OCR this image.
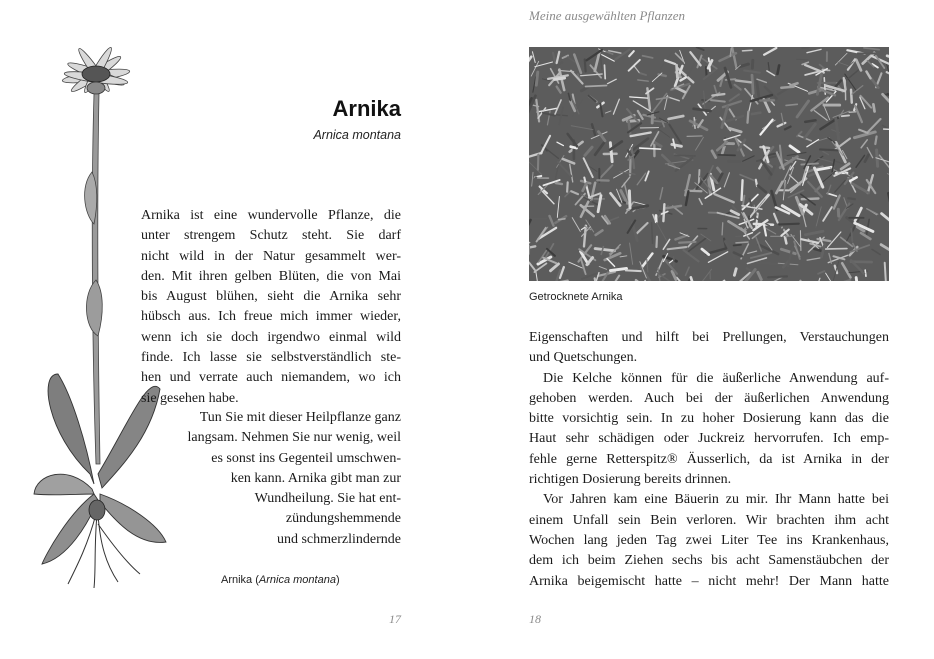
Arnika
Arnica montana
Arnika ist eine wundervolle Pflanze, die
unter strengem Schutz steht. Sie darf
nicht wild in der Natur gesammelt wer-
den. Mit ihren gelben Blüten, die von Mai
bis August blühen, sieht die Arnika sehr
hübsch aus. Ich freue mich immer wieder,
wenn ich sie doch irgendwo einmal wild
finde. Ich lasse sie selbstverständlich ste-
hen und verrate auch niemandem, wo ich
sie gesehen habe.
Tun Sie mit dieser Heilpflanze ganz
langsam. Nehmen Sie nur wenig, weil
es sonst ins Gegenteil umschwen-
ken kann. Arnika gibt man zur
Wundheilung. Sie hat ent-
zündungshemmende
und schmerzlindernde
Arnika (Arnica montana)
17
Meine ausgewählten Pflanzen
Getrocknete Arnika
Eigenschaften und hilft bei Prellungen, Verstauchungen
und Quetschungen.
Die Kelche können für die äußerliche Anwendung auf-
gehoben werden. Auch bei der äußerlichen Anwendung
bitte vorsichtig sein. In zu hoher Dosierung kann das die
Haut sehr schädigen oder Juckreiz hervorrufen. Ich emp-
fehle gerne Retterspitz® Äusserlich, da ist Arnika in der
richtigen Dosierung bereits drinnen.
Vor Jahren kam eine Bäuerin zu mir. Ihr Mann hatte bei
einem Unfall sein Bein verloren. Wir brachten ihm acht
Wochen lang jeden Tag zwei Liter Tee ins Krankenhaus,
dem ich beim Ziehen sechs bis acht Samenstäubchen der
Arnika beigemischt hatte – nicht mehr! Der Mann hatte
18
